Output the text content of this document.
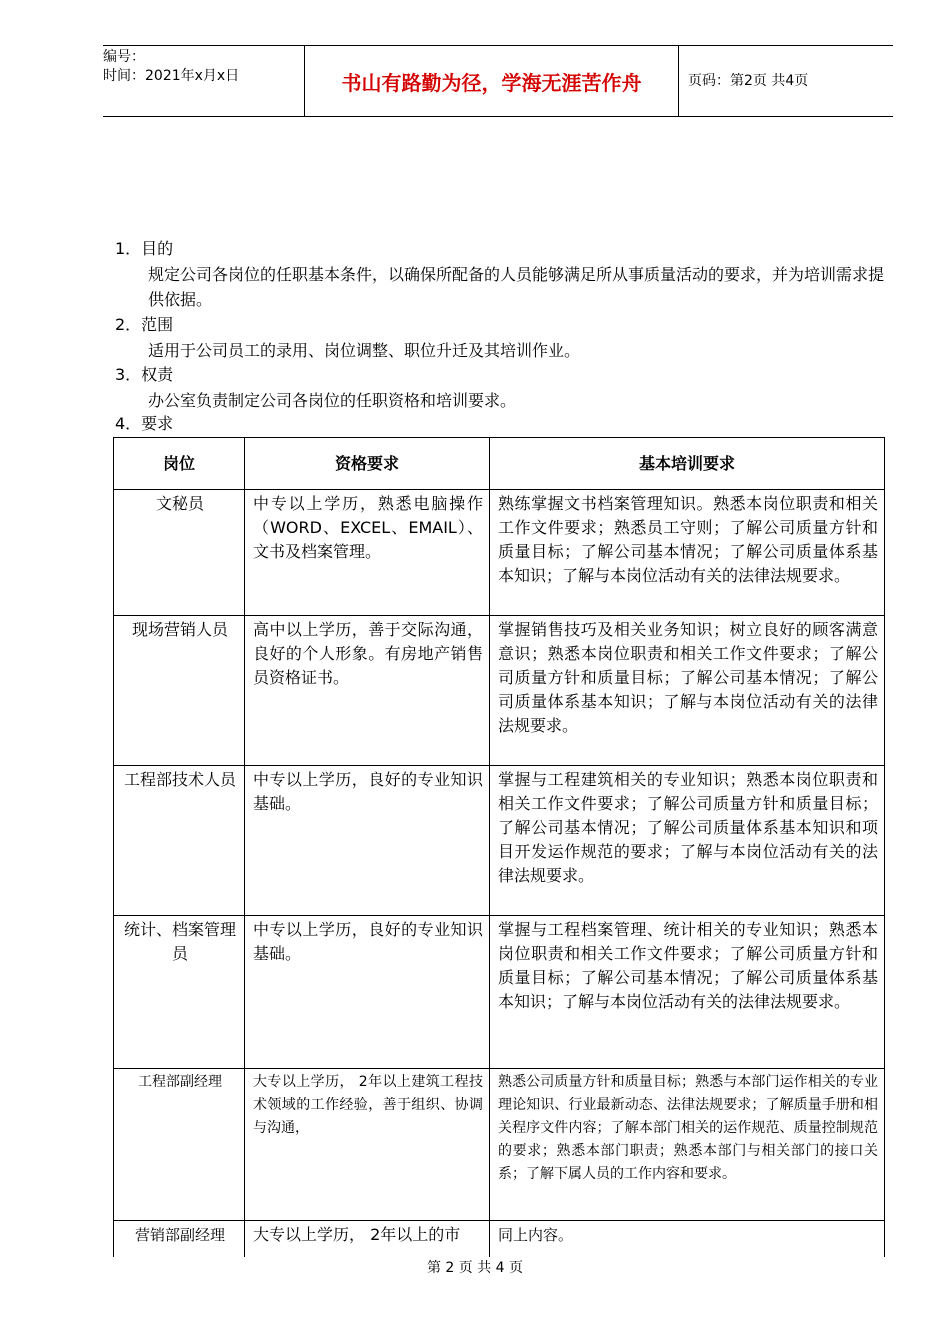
编号：
时间：2021年x月x日	书山有路勤为径，学海无涯苦作舟	页码：第2页 共4页
1．目的
规定公司各岗位的任职基本条件，以确保所配备的人员能够满足所从事质量活动的要求，并为培训需求提供依据。
2．范围
适用于公司员工的录用、岗位调整、职位升迁及其培训作业。
3．权责
办公室负责制定公司各岗位的任职资格和培训要求。
4．要求
岗位	资格要求	基本培训要求
文秘员	中专以上学历，熟悉电脑操作（WORD、EXCEL、EMAIL）、文书及档案管理。	熟练掌握文书档案管理知识。熟悉本岗位职责和相关工作文件要求；熟悉员工守则；了解公司质量方针和质量目标；了解公司基本情况；了解公司质量体系基本知识；了解与本岗位活动有关的法律法规要求。
现场营销人员	高中以上学历，善于交际沟通，良好的个人形象。有房地产销售员资格证书。	掌握销售技巧及相关业务知识；树立良好的顾客满意意识；熟悉本岗位职责和相关工作文件要求；了解公司质量方针和质量目标；了解公司基本情况；了解公司质量体系基本知识；了解与本岗位活动有关的法律法规要求。
工程部技术人员	中专以上学历，良好的专业知识基础。	掌握与工程建筑相关的专业知识；熟悉本岗位职责和相关工作文件要求；了解公司质量方针和质量目标；了解公司基本情况；了解公司质量体系基本知识和项目开发运作规范的要求；了解与本岗位活动有关的法律法规要求。
统计、档案管理员	中专以上学历，良好的专业知识基础。	掌握与工程档案管理、统计相关的专业知识；熟悉本岗位职责和相关工作文件要求；了解公司质量方针和质量目标；了解公司基本情况；了解公司质量体系基本知识；了解与本岗位活动有关的法律法规要求。
工程部副经理	大专以上学历， 2年以上建筑工程技术领域的工作经验，善于组织、协调与沟通，	熟悉公司质量方针和质量目标；熟悉与本部门运作相关的专业理论知识、行业最新动态、法律法规要求；了解质量手册和相关程序文件内容；了解本部门相关的运作规范、质量控制规范的要求；熟悉本部门职责；熟悉本部门与相关部门的接口关系；了解下属人员的工作内容和要求。
营销部副经理	大专以上学历， 2年以上的市	同上内容。
第 2 页 共 4 页
